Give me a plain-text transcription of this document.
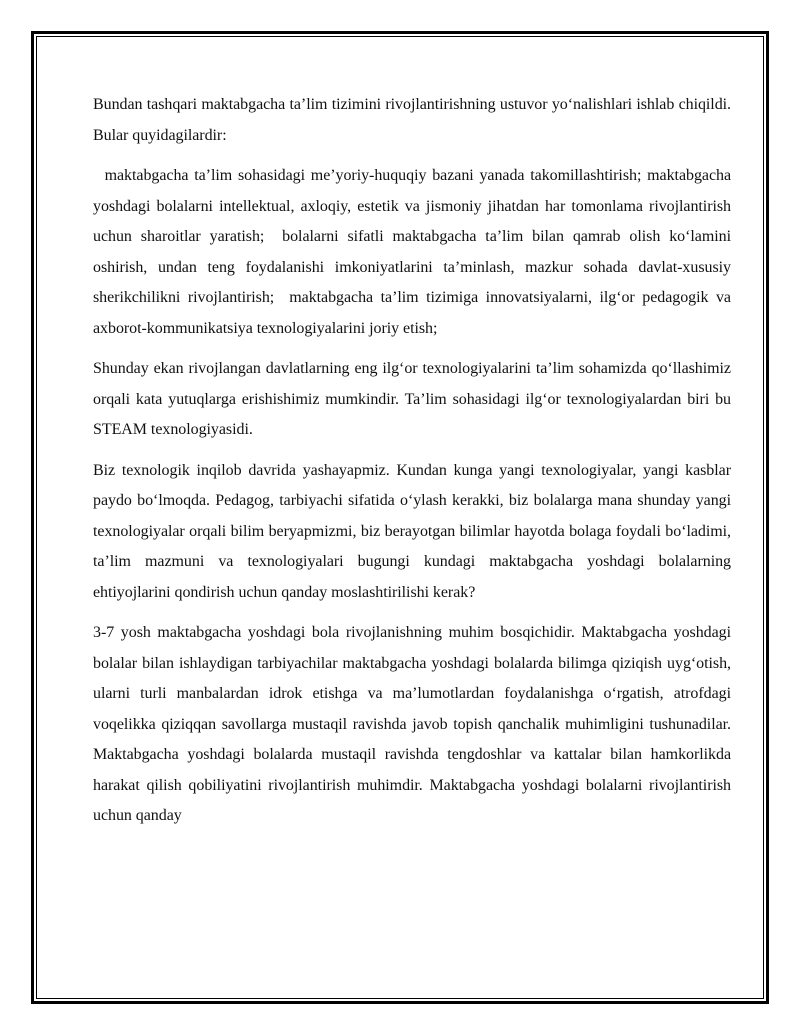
Bundan tashqari maktabgacha ta’lim tizimini rivojlantirishning ustuvor yo‘nalishlari ishlab chiqildi. Bular quyidagilardir:

maktabgacha ta’lim sohasidagi me’yoriy-huquqiy bazani yanada takomillashtirish; maktabgacha yoshdagi bolalarni intellektual, axloqiy, estetik va jismoniy jihatdan har tomonlama rivojlantirish uchun sharoitlar yaratish;  bolalarni sifatli maktabgacha ta’lim bilan qamrab olish ko‘lamini oshirish, undan teng foydalanishi imkoniyatlarini ta’minlash, mazkur sohada davlat-xususiy sherikchilikni rivojlantirish;  maktabgacha ta’lim tizimiga innovatsiyalarni, ilg‘or pedagogik va axborot-kommunikatsiya texnologiyalarini joriy etish;

Shunday ekan rivojlangan davlatlarning eng ilg‘or texnologiyalarini ta’lim sohamizda qo‘llashimiz orqali kata yutuqlarga erishishimiz mumkindir. Ta’lim sohasidagi ilg‘or texnologiyalardan biri bu STEAM texnologiyasidi.

Biz texnologik inqilob davrida yashayapmiz. Kundan kunga yangi texnologiyalar, yangi kasblar paydo bo‘lmoqda. Pedagog, tarbiyachi sifatida o‘ylash kerakki, biz bolalarga mana shunday yangi texnologiyalar orqali bilim beryapmizmi, biz berayotgan bilimlar hayotda bolaga foydali bo‘ladimi, ta’lim mazmuni va texnologiyalari bugungi kundagi maktabgacha yoshdagi bolalarning ehtiyojlarini qondirish uchun qanday moslashtirilishi kerak?

3-7 yosh maktabgacha yoshdagi bola rivojlanishning muhim bosqichidir. Maktabgacha yoshdagi bolalar bilan ishlaydigan tarbiyachilar maktabgacha yoshdagi bolalarda bilimga qiziqish uyg‘otish, ularni turli manbalardan idrok etishga va ma’lumotlardan foydalanishga o‘rgatish, atrofdagi voqelikka qiziqqan savollarga mustaqil ravishda javob topish qanchalik muhimligini tushunadilar. Maktabgacha yoshdagi bolalarda mustaqil ravishda tengdoshlar va kattalar bilan hamkorlikda harakat qilish qobiliyatini rivojlantirish muhimdir. Maktabgacha yoshdagi bolalarni rivojlantirish uchun qanday
